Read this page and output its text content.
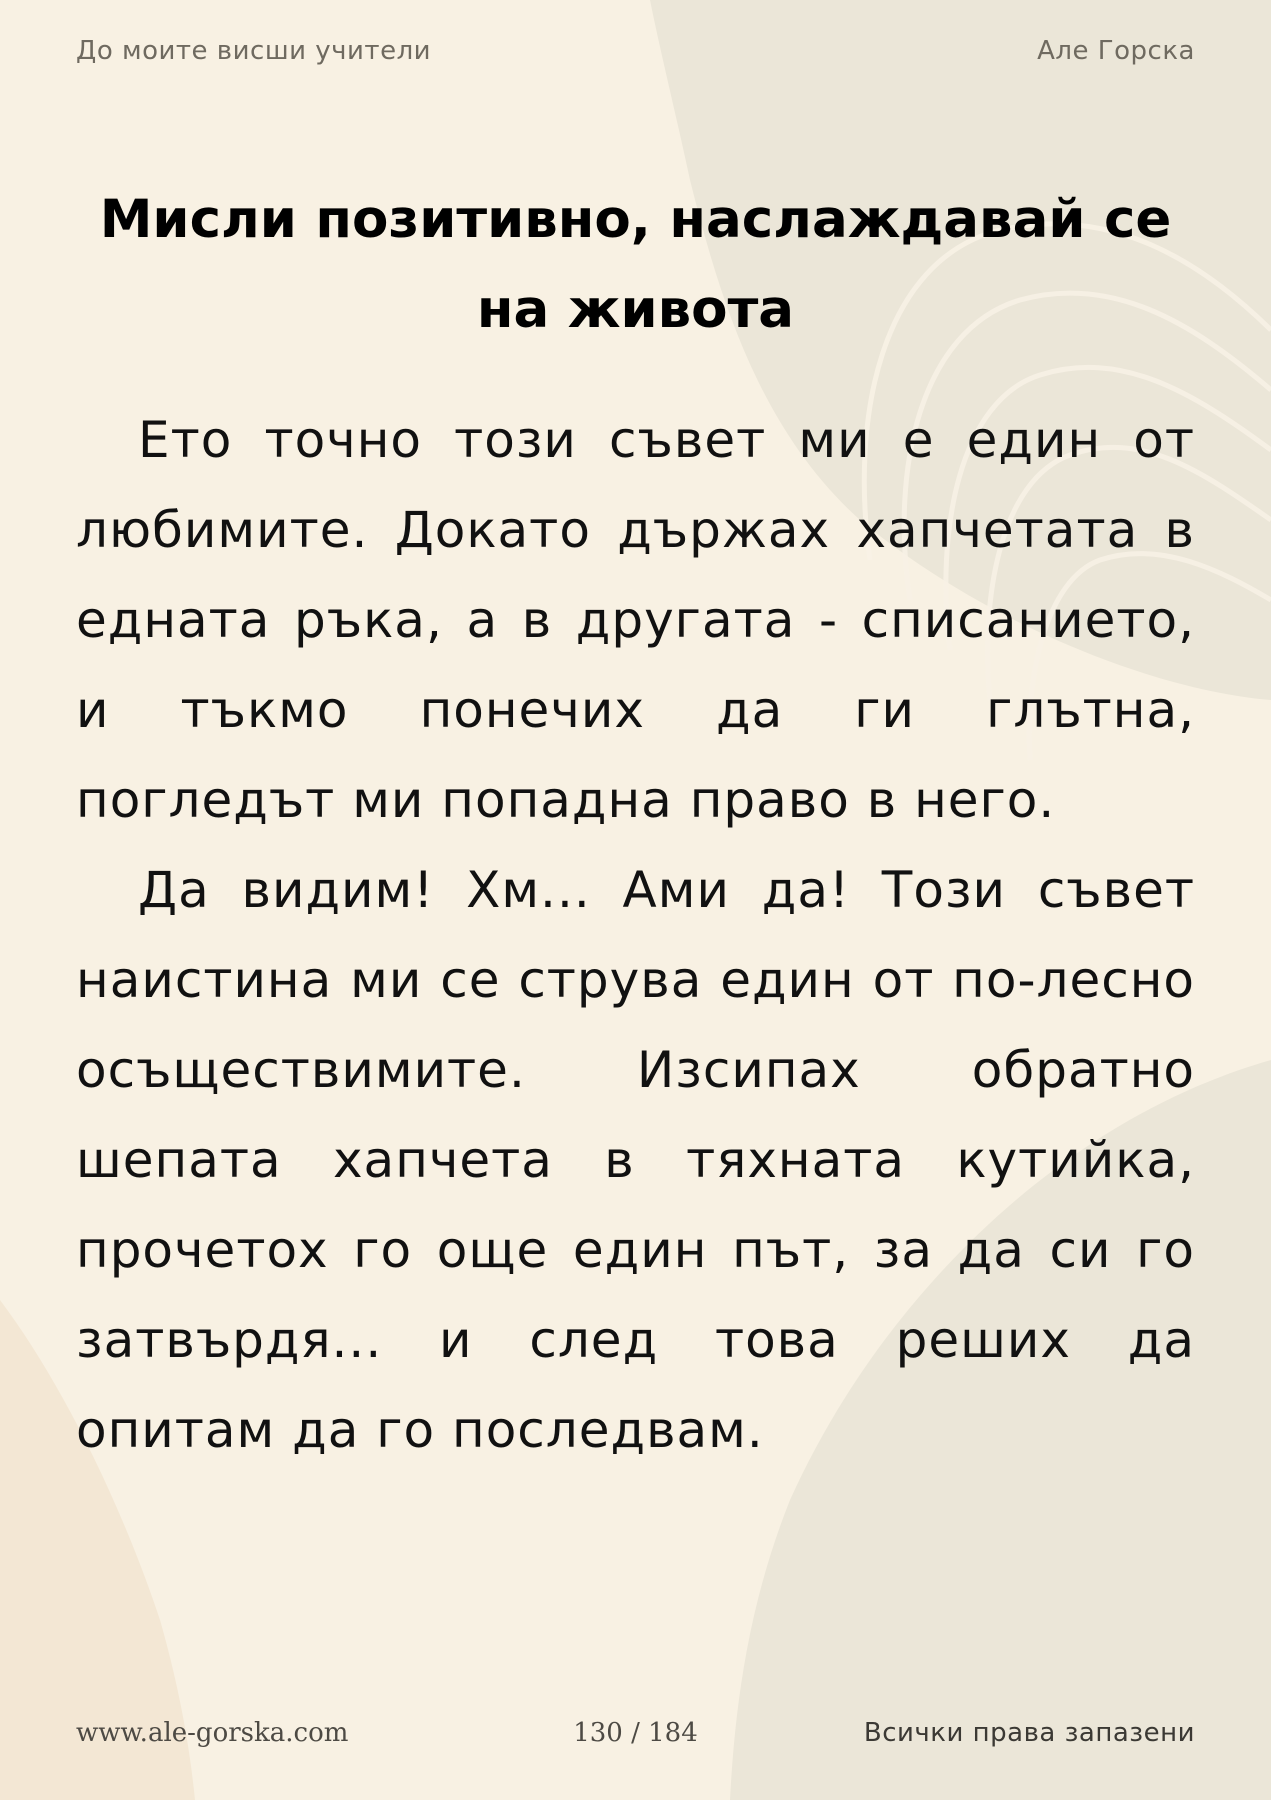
До моите висши учители	Але Горска
Мисли позитивно, наслаждавай се на живота

Ето точно този съвет ми е един от любимите. Докато държах хапчетата в едната ръка, а в другата - списанието, и тъкмо понечих да ги глътна, погледът ми попадна право в него.

Да видим! Хм... Ами да! Този съвет наистина ми се струва един от по-лесно осъществимите. Изсипах обратно шепата хапчета в тяхната кутийка, прочетох го още един път, за да си го затвърдя... и след това реших да опитам да го последвам.

www.ale-gorska.com	130 / 184	Всички права запазени
